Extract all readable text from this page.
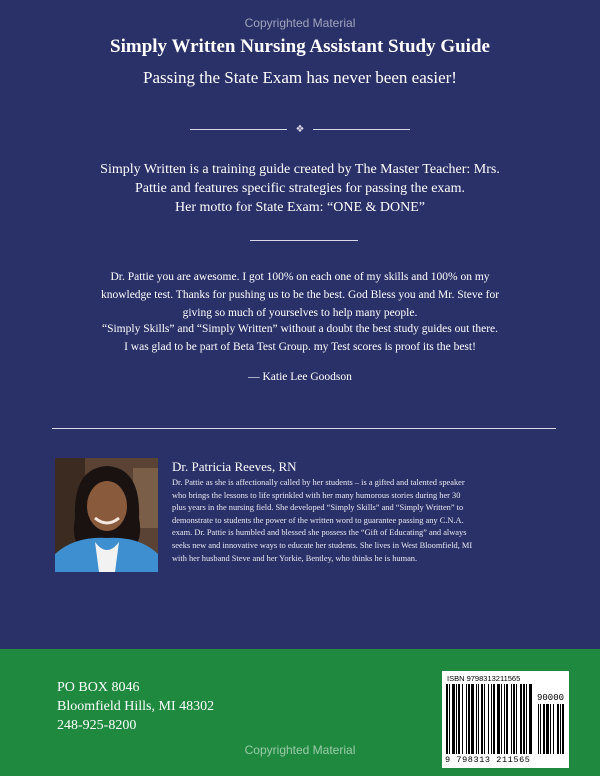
Copyrighted Material
Simply Written Nursing Assistant Study Guide
Passing the State Exam has never been easier!
❖
Simply Written is a training guide created by The Master Teacher: Mrs.
Pattie and features specific strategies for passing the exam.
Her motto for State Exam: “ONE & DONE”
Dr. Pattie you are awesome. I got 100% on each one of my skills and 100% on my
knowledge test. Thanks for pushing us to be the best. God Bless you and Mr. Steve for
giving so much of yourselves to help many people.
“Simply Skills” and “Simply Written” without a doubt the best study guides out there.
I was glad to be part of Beta Test Group. my Test scores is proof its the best!
— Katie Lee Goodson
Dr. Patricia Reeves, RN
Dr. Pattie as she is affectionally called by her students – is a gifted and talented speaker
who brings the lessons to life sprinkled with her many humorous stories during her 30
plus years in the nursing field. She developed “Simply Skills” and “Simply Written” to
demonstrate to students the power of the written word to guarantee passing any C.N.A.
exam. Dr. Pattie is humbled and blessed she possess the “Gift of Educating” and always
seeks new and innovative ways to educate her students. She lives in West Bloomfield, MI
with her husband Steve and her Yorkie, Bentley, who thinks he is human.
PO BOX 8046
Bloomfield Hills, MI 48302
248-925-8200
ISBN 9798313211565
90000
9 798313 211565
Copyrighted Material
